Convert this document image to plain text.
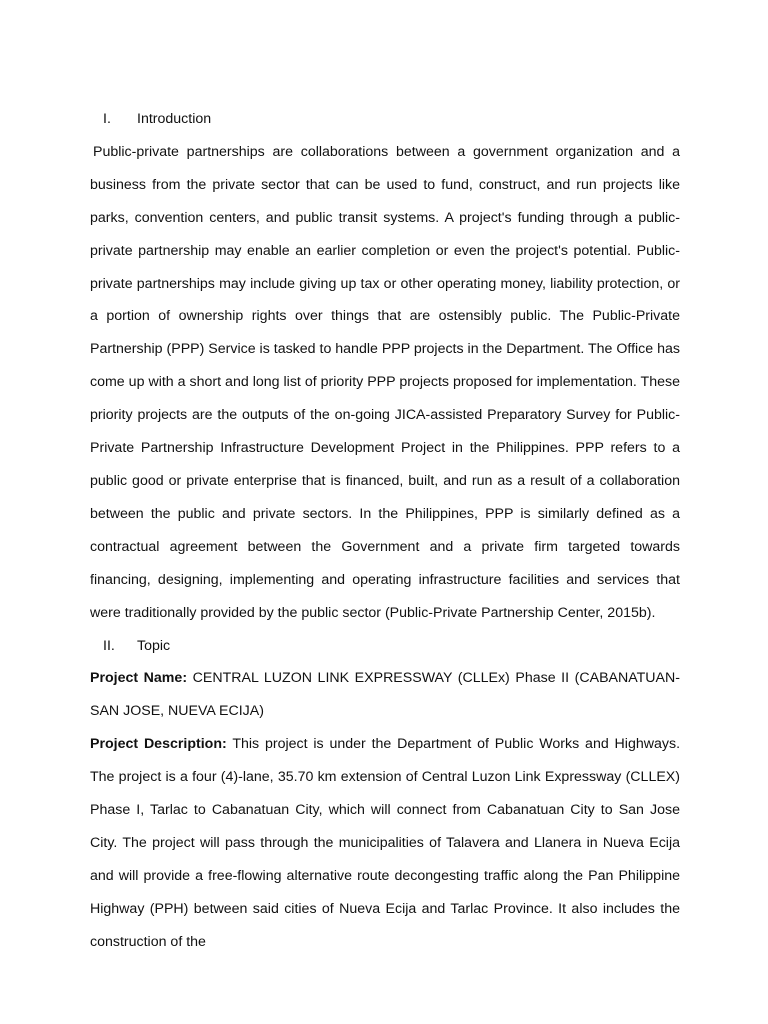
I. Introduction

Public-private partnerships are collaborations between a government organization and a business from the private sector that can be used to fund, construct, and run projects like parks, convention centers, and public transit systems. A project's funding through a public-private partnership may enable an earlier completion or even the project's potential. Public-private partnerships may include giving up tax or other operating money, liability protection, or a portion of ownership rights over things that are ostensibly public. The Public-Private Partnership (PPP) Service is tasked to handle PPP projects in the Department. The Office has come up with a short and long list of priority PPP projects proposed for implementation. These priority projects are the outputs of the on-going JICA-assisted Preparatory Survey for Public-Private Partnership Infrastructure Development Project in the Philippines. PPP refers to a public good or private enterprise that is financed, built, and run as a result of a collaboration between the public and private sectors. In the Philippines, PPP is similarly defined as a contractual agreement between the Government and a private firm targeted towards financing, designing, implementing and operating infrastructure facilities and services that were traditionally provided by the public sector (Public-Private Partnership Center, 2015b).

II. Topic

Project Name: CENTRAL LUZON LINK EXPRESSWAY (CLLEx) Phase II (CABANATUAN-SAN JOSE, NUEVA ECIJA)

Project Description: This project is under the Department of Public Works and Highways. The project is a four (4)-lane, 35.70 km extension of Central Luzon Link Expressway (CLLEX) Phase I, Tarlac to Cabanatuan City, which will connect from Cabanatuan City to San Jose City. The project will pass through the municipalities of Talavera and Llanera in Nueva Ecija and will provide a free-flowing alternative route decongesting traffic along the Pan Philippine Highway (PPH) between said cities of Nueva Ecija and Tarlac Province. It also includes the construction of the
